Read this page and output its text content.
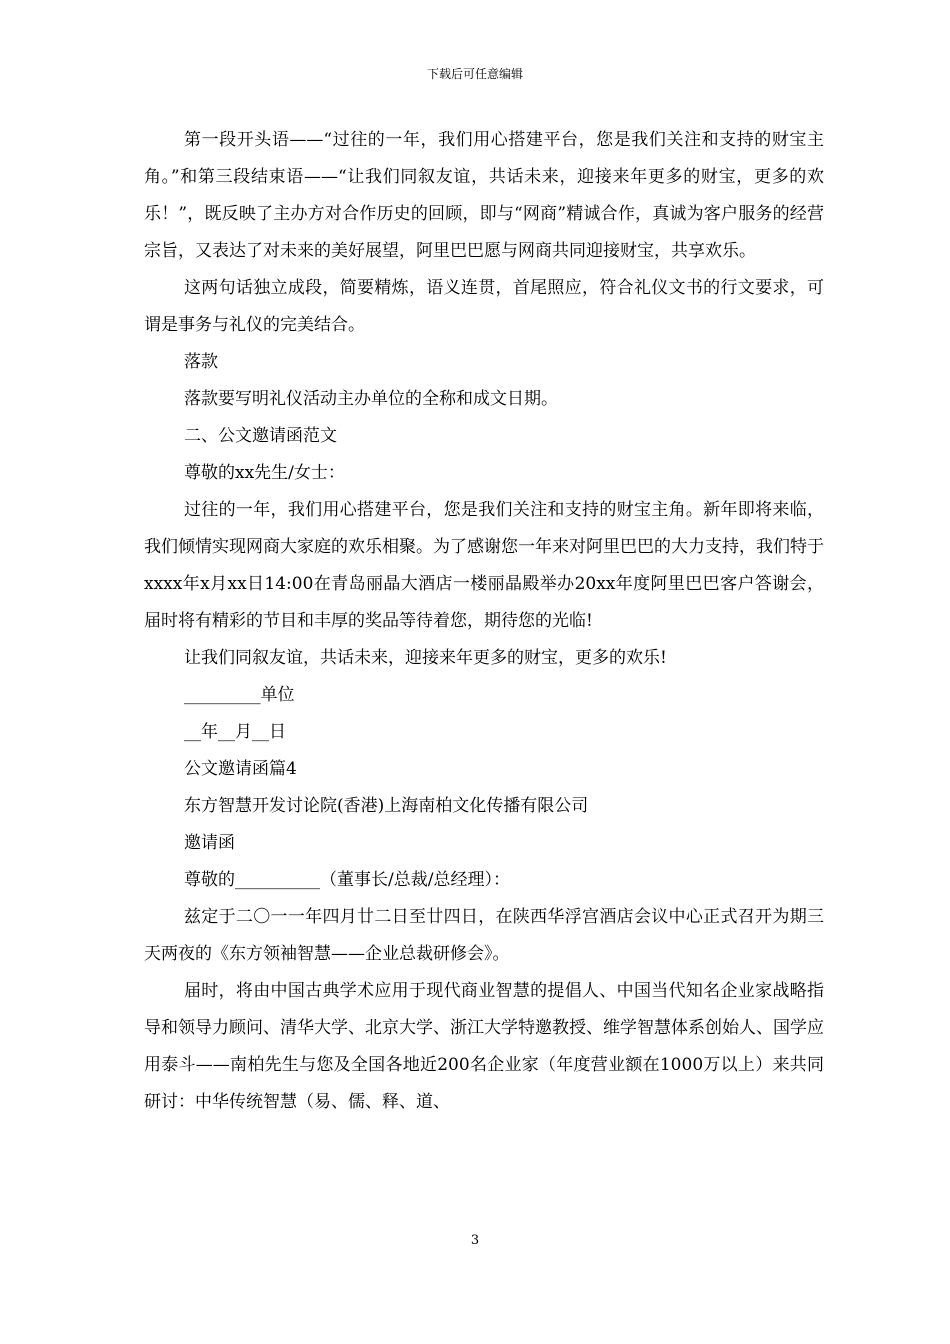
下载后可任意编辑

第一段开头语——“过往的一年，我们用心搭建平台，您是我们关注和支持的财宝主角。”和第三段结束语——“让我们同叙友谊，共话未来，迎接来年更多的财宝，更多的欢乐！”，既反映了主办方对合作历史的回顾，即与“网商”精诚合作，真诚为客户服务的经营宗旨，又表达了对未来的美好展望，阿里巴巴愿与网商共同迎接财宝，共享欢乐。

这两句话独立成段，简要精炼，语义连贯，首尾照应，符合礼仪文书的行文要求，可谓是事务与礼仪的完美结合。

落款

落款要写明礼仪活动主办单位的全称和成文日期。

二、公文邀请函范文

尊敬的xx先生/女士：

过往的一年，我们用心搭建平台，您是我们关注和支持的财宝主角。新年即将来临，我们倾情实现网商大家庭的欢乐相聚。为了感谢您一年来对阿里巴巴的大力支持，我们特于xxxx年x月xx日14:00在青岛丽晶大酒店一楼丽晶殿举办20xx年度阿里巴巴客户答谢会，届时将有精彩的节目和丰厚的奖品等待着您，期待您的光临!

让我们同叙友谊，共话未来，迎接来年更多的财宝，更多的欢乐!

_________单位

__年__月__日

公文邀请函篇4

东方智慧开发讨论院(香港)上海南柏文化传播有限公司

邀请函

尊敬的__________（董事长/总裁/总经理）：

兹定于二〇一一年四月廿二日至廿四日，在陕西华浮宫酒店会议中心正式召开为期三天两夜的《东方领袖智慧——企业总裁研修会》。

届时，将由中国古典学术应用于现代商业智慧的提倡人、中国当代知名企业家战略指导和领导力顾问、清华大学、北京大学、浙江大学特邀教授、维学智慧体系创始人、国学应用泰斗——南柏先生与您及全国各地近200名企业家（年度营业额在1000万以上）来共同研讨：中华传统智慧（易、儒、释、道、

3
